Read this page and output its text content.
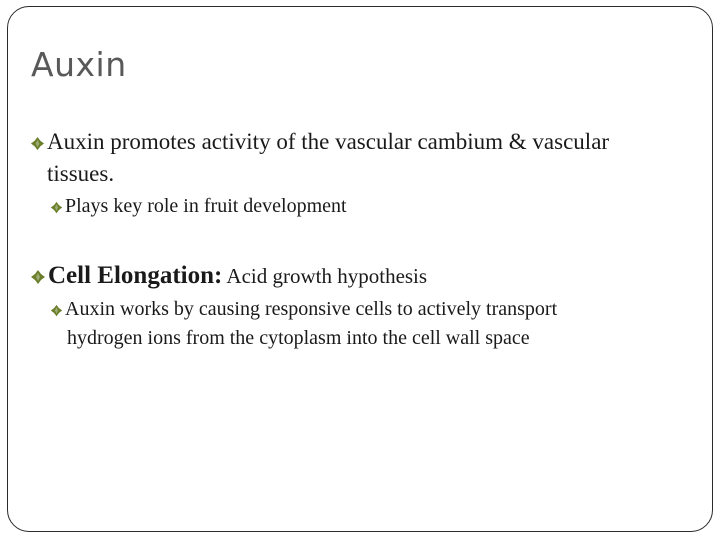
Auxin
Auxin promotes activity of the vascular cambium & vascular
tissues.
Plays key role in fruit development
Cell Elongation: Acid growth hypothesis
Auxin works by causing responsive cells to actively transport
hydrogen ions from the cytoplasm into the cell wall space
